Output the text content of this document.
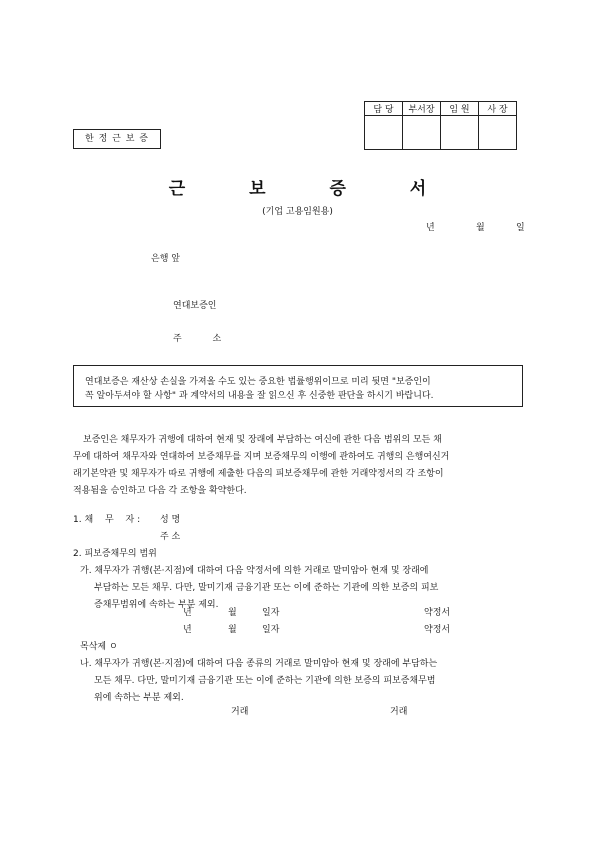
담 당	부서장	임 원	사 장

한 정 근 보 증
근 보 증 서
(기업 고용임원용)
년	월	일
은행 앞
연대보증인
주 소
연대보증은 재산상 손실을 가져올 수도 있는 중요한 법률행위이므로 미리 뒷면 "보증인이
꼭 알아두셔야 할 사항" 과 계약서의 내용을 잘 읽으신 후 신중한 판단을 하시기 바랍니다.
보증인은 채무자가 귀행에 대하여 현재 및 장래에 부담하는 여신에 관한 다음 범위의 모든 채
무에 대하여 채무자와 연대하여 보증채무를 지며 보증채무의 이행에 관하여도 귀행의 은행여신거
래기본약관 및 채무자가 따로 귀행에 제출한 다음의 피보증채무에 관한 거래약정서의 각 조항이
적용됨을 승인하고 다음 각 조항을 확약한다.
1. 채　 무　 자 : 성 명
주 소
2. 피보증채무의 범위
가. 채무자가 귀행(본·지점)에 대하여 다음 약정서에 의한 거래로 말미암아 현재 및 장래에
부담하는 모든 채무. 다만, 말미기재 금융기관 또는 이에 준하는 기관에 의한 보증의 피보
증채무범위에 속하는 부분 제외.
년	월	일자	약정서
년	월	일자	약정서
목삭제 ㅇ
나. 채무자가 귀행(본·지점)에 대하여 다음 종류의 거래로 말미암아 현재 및 장래에 부담하는
모든 채무. 다만, 말미기재 금융기관 또는 이에 준하는 기관에 의한 보증의 피보증채무범
위에 속하는 부분 제외.
거래	거래
